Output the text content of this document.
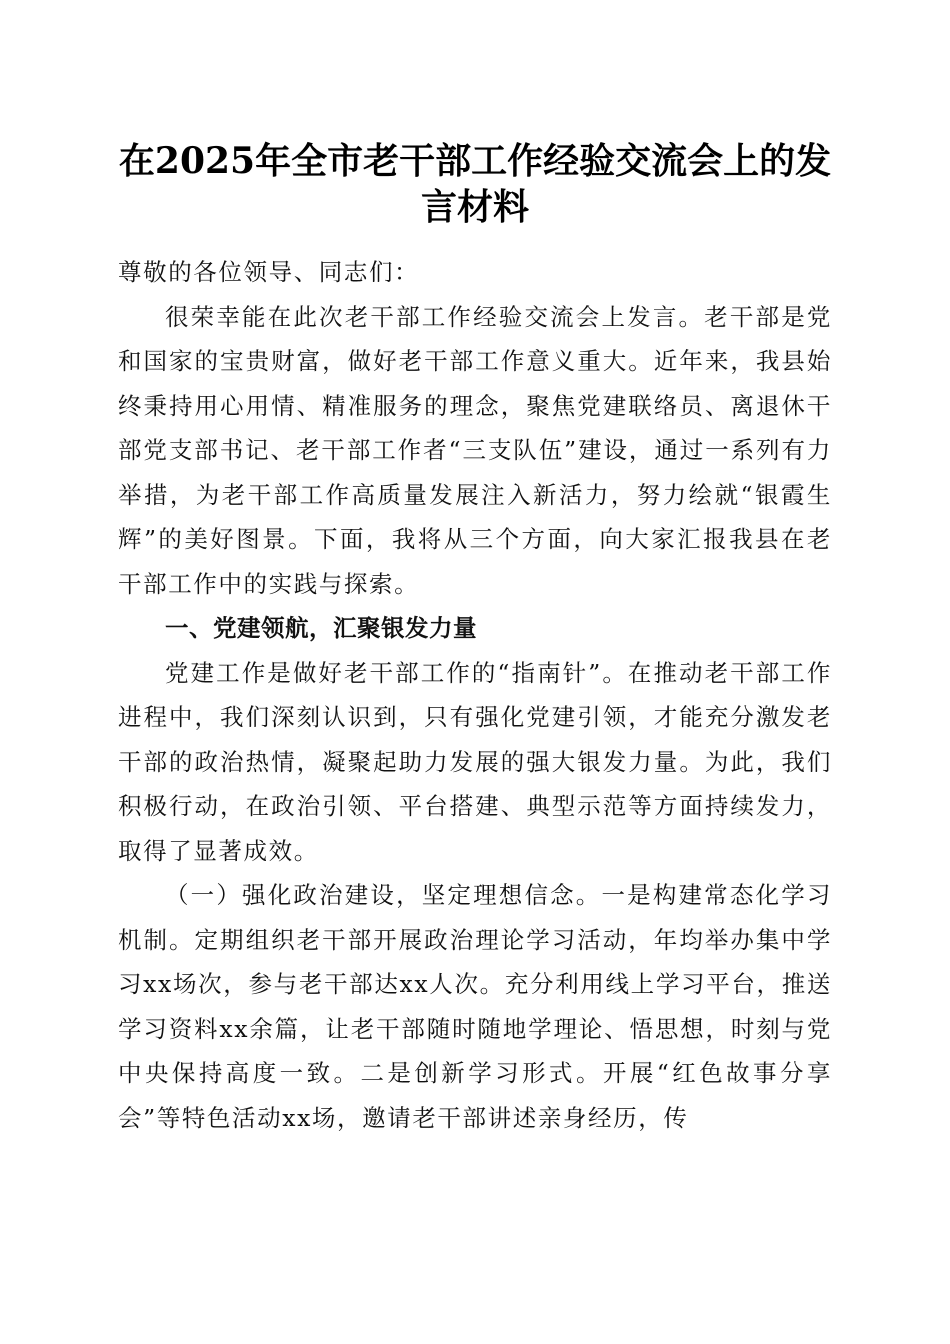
在2025年全市老干部工作经验交流会上的发言材料

尊敬的各位领导、同志们：

很荣幸能在此次老干部工作经验交流会上发言。老干部是党和国家的宝贵财富，做好老干部工作意义重大。近年来，我县始终秉持用心用情、精准服务的理念，聚焦党建联络员、离退休干部党支部书记、老干部工作者“三支队伍”建设，通过一系列有力举措，为老干部工作高质量发展注入新活力，努力绘就“银霞生辉”的美好图景。下面，我将从三个方面，向大家汇报我县在老干部工作中的实践与探索。

一、党建领航，汇聚银发力量

党建工作是做好老干部工作的“指南针”。在推动老干部工作进程中，我们深刻认识到，只有强化党建引领，才能充分激发老干部的政治热情，凝聚起助力发展的强大银发力量。为此，我们积极行动，在政治引领、平台搭建、典型示范等方面持续发力，取得了显著成效。

（一）强化政治建设，坚定理想信念。一是构建常态化学习机制。定期组织老干部开展政治理论学习活动，年均举办集中学习xx场次，参与老干部达xx人次。充分利用线上学习平台，推送学习资料xx余篇，让老干部随时随地学理论、悟思想，时刻与党中央保持高度一致。二是创新学习形式。开展“红色故事分享会”等特色活动xx场，邀请老干部讲述亲身经历，传
